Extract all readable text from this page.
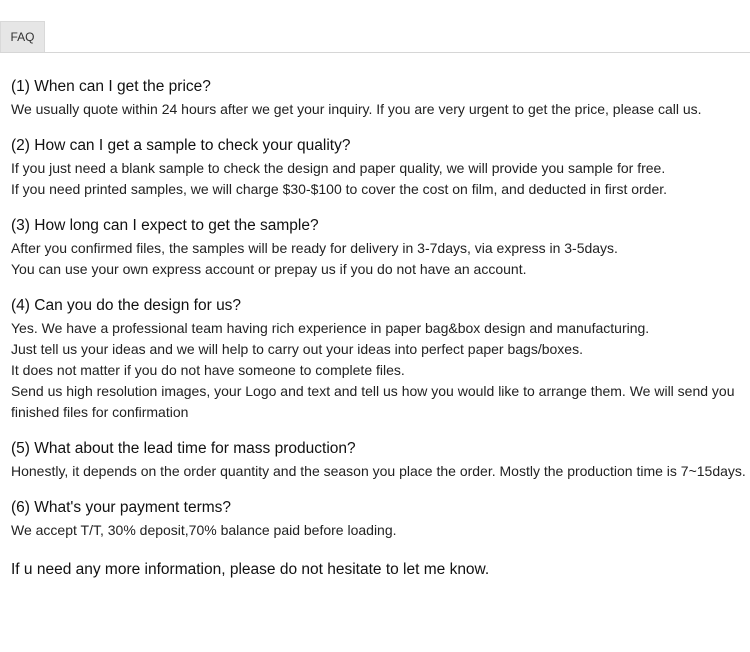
FAQ
(1) When can I get the price?
We usually quote within 24 hours after we get your inquiry. If you are very urgent to get the price, please call us.
(2) How can I get a sample to check your quality?
If you just need a blank sample to check the design and paper quality, we will provide you sample for free.
If you need printed samples, we will charge $30-$100 to cover the cost on film, and deducted in first order.
(3) How long can I expect to get the sample?
After you confirmed files, the samples will be ready for delivery in 3-7days, via express in 3-5days.
You can use your own express account or prepay us if you do not have an account.
(4) Can you do the design for us?
Yes. We have a professional team having rich experience in paper bag&box design and manufacturing.
Just tell us your ideas and we will help to carry out your ideas into perfect paper bags/boxes.
It does not matter if you do not have someone to complete files.
Send us high resolution images, your Logo and text and tell us how you would like to arrange them. We will send you finished files for confirmation
(5) What about the lead time for mass production?
Honestly, it depends on the order quantity and the season you place the order. Mostly the production time is 7~15days.
(6) What's your payment terms?
We accept T/T, 30% deposit,70% balance paid before loading.
If u need any more information, please do not hesitate to let me know.
